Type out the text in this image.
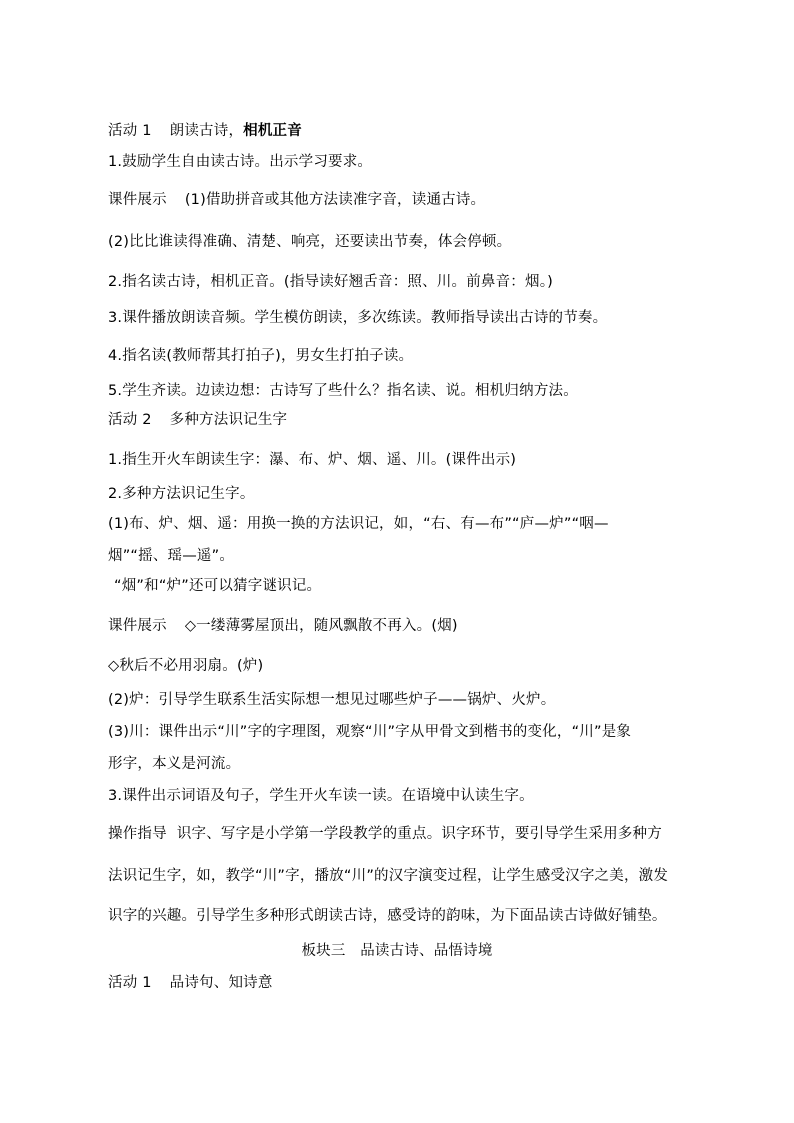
活动 1 朗读古诗，相机正音
1.鼓励学生自由读古诗。出示学习要求。
课件展示 (1)借助拼音或其他方法读准字音，读通古诗。
(2)比比谁读得准确、清楚、响亮，还要读出节奏，体会停顿。
2.指名读古诗，相机正音。(指导读好翘舌音：照、川。前鼻音：烟。)
3.课件播放朗读音频。学生模仿朗读，多次练读。教师指导读出古诗的节奏。
4.指名读(教师帮其打拍子)，男女生打拍子读。
5.学生齐读。边读边想：古诗写了些什么？指名读、说。相机归纳方法。
活动 2 多种方法识记生字
1.指生开火车朗读生字：瀑、布、炉、烟、遥、川。(课件出示)
2.多种方法识记生字。
(1)布、炉、烟、遥：用换一换的方法识记，如，“右、有—布”“庐—炉”“咽—
烟”“摇、瑶—遥”。
“烟”和“炉”还可以猜字谜识记。
课件展示 ◇一缕薄雾屋顶出，随风飘散不再入。(烟)
◇秋后不必用羽扇。(炉)
(2)炉：引导学生联系生活实际想一想见过哪些炉子——锅炉、火炉。
(3)川：课件出示“川”字的字理图，观察“川”字从甲骨文到楷书的变化，“川”是象
形字，本义是河流。
3.课件出示词语及句子，学生开火车读一读。在语境中认读生字。
操作指导 识字、写字是小学第一学段教学的重点。识字环节，要引导学生采用多种方
法识记生字，如，教学“川”字，播放“川”的汉字演变过程，让学生感受汉字之美，激发
识字的兴趣。引导学生多种形式朗读古诗，感受诗的韵味，为下面品读古诗做好铺垫。
板块三　品读古诗、品悟诗境
活动 1 品诗句、知诗意
